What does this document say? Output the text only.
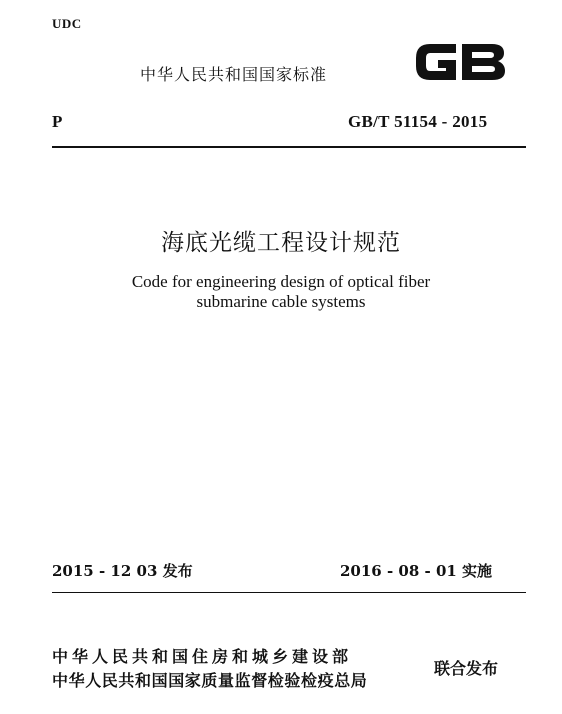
UDC
中华人民共和国国家标准
P	GB/T 51154 - 2015
海底光缆工程设计规范
Code for engineering design of optical fiber
submarine cable systems
2015 - 12 03 发布	2016 - 08 - 01 实施
中华人民共和国住房和城乡建设部
中华人民共和国国家质量监督检验检疫总局
联合发布
